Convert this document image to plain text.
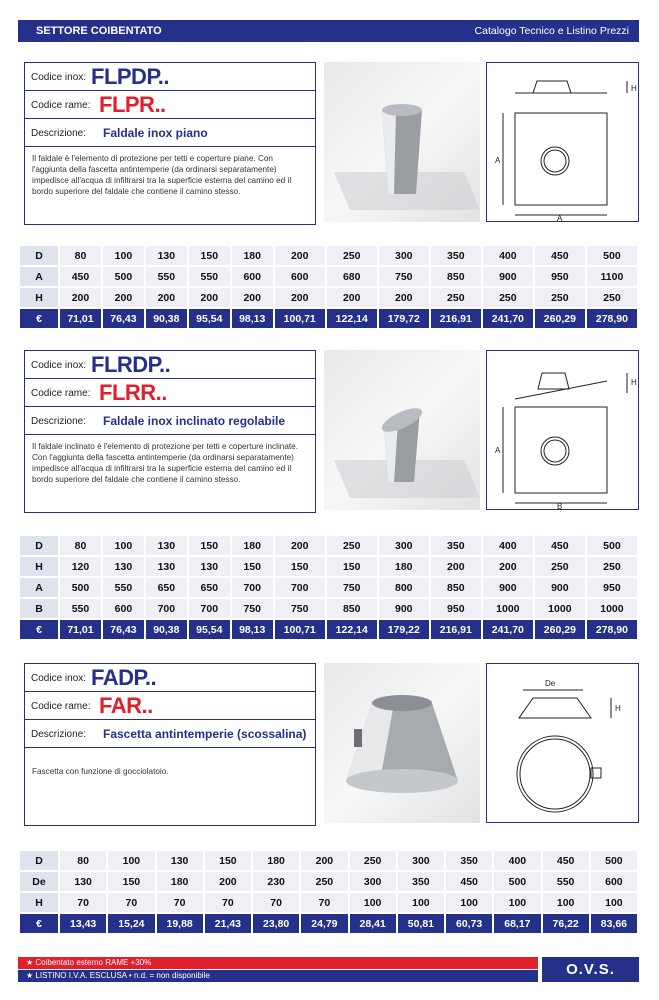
SETTORE COIBENTATO	Catalogo Tecnico e Listino Prezzi
Codice inox: FLPDP..
Codice rame: FLPR..
Descrizione: Faldale inox piano
Il faldale è l'elemento di protezione per tetti e coperture piane. Con l'aggiunta della fascetta antintemperie (da ordinarsi separatamente) impedisce all'acqua di infiltrarsi tra la superficie esterna del camino ed il bordo superiore del faldale che contiene il camino stesso.
H
A
A
D	80	100	130	150	180	200	250	300	350	400	450	500
A	450	500	550	550	600	600	680	750	850	900	950	1100
H	200	200	200	200	200	200	200	200	250	250	250	250
€	71,01	76,43	90,38	95,54	98,13	100,71	122,14	179,72	216,91	241,70	260,29	278,90
Codice inox: FLRDP..
Codice rame: FLRR..
Descrizione: Faldale inox inclinato regolabile
Il faldale inclinato è l'elemento di protezione per tetti e coperture inclinate. Con l'aggiunta della fascetta antintemperie (da ordinarsi separatamente) impedisce all'acqua di infiltrarsi tra la superficie esterna del camino ed il bordo superiore del faldale che contiene il camino stesso.
H
A
B
D	80	100	130	150	180	200	250	300	350	400	450	500
H	120	130	130	130	150	150	150	180	200	200	250	250
A	500	550	650	650	700	700	750	800	850	900	900	950
B	550	600	700	700	750	750	850	900	950	1000	1000	1000
€	71,01	76,43	90,38	95,54	98,13	100,71	122,14	179,22	216,91	241,70	260,29	278,90
Codice inox: FADP..
Codice rame: FAR..
Descrizione: Fascetta antintemperie (scossalina)
Fascetta con funzione di gocciolatoio.
De
H
D	80	100	130	150	180	200	250	300	350	400	450	500
De	130	150	180	200	230	250	300	350	450	500	550	600
H	70	70	70	70	70	70	100	100	100	100	100	100
€	13,43	15,24	19,88	21,43	23,80	24,79	28,41	50,81	60,73	68,17	76,22	83,66
★ Coibentato esterno RAME +30%
★ LISTINO I.V.A. ESCLUSA • n.d. = non disponibile	O.V.S.
